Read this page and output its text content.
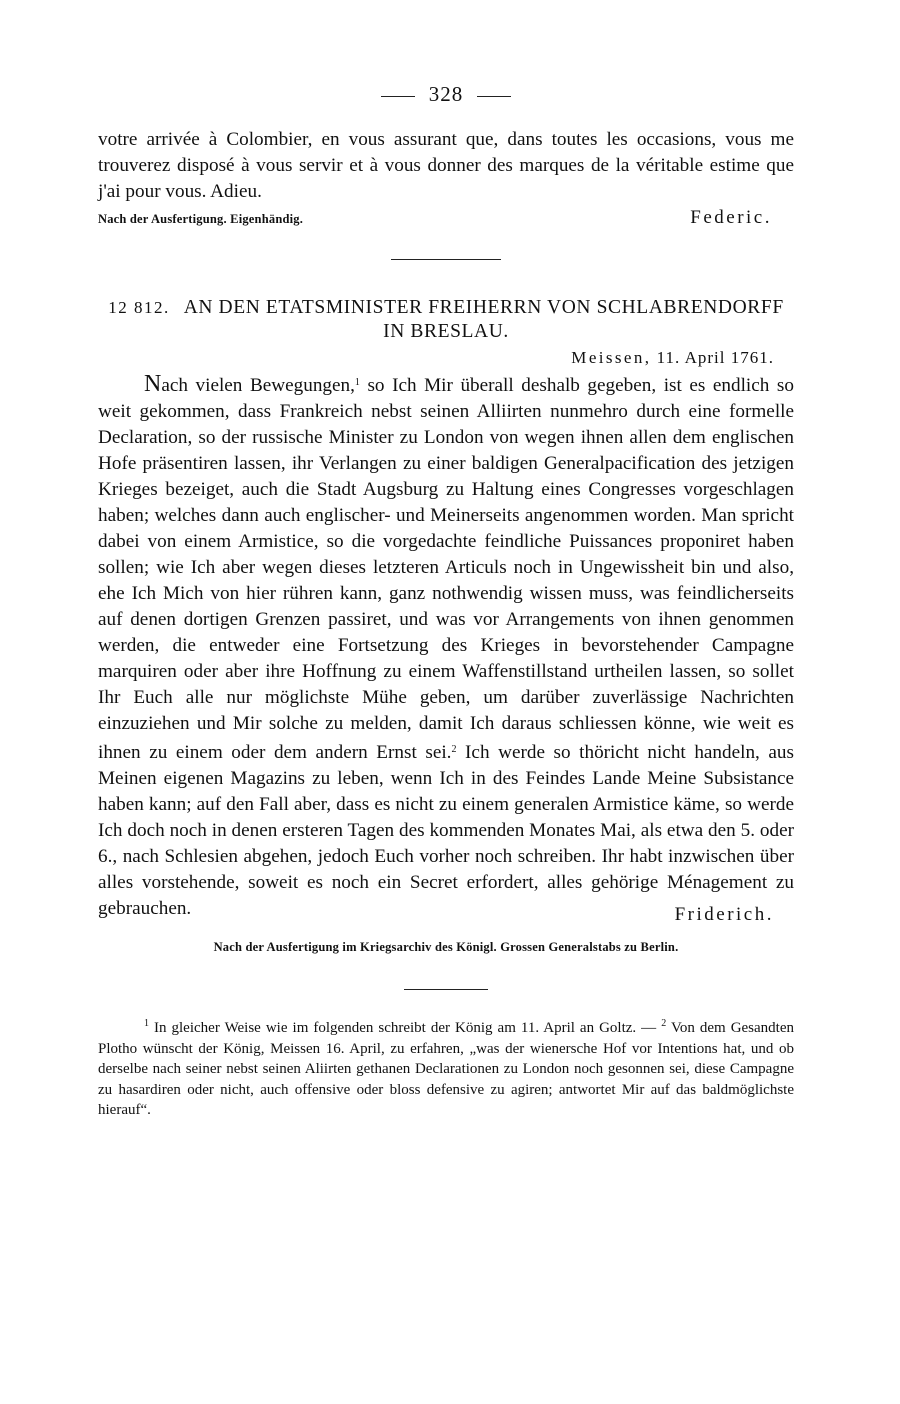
328

votre arrivée à Colombier, en vous assurant que, dans toutes les occasions, vous me trouverez disposé à vous servir et à vous donner des marques de la véritable estime que j'ai pour vous. Adieu.

Nach der Ausfertigung. Eigenhändig.	Federic.
12 812. AN DEN ETATSMINISTER FREIHERRN VON SCHLABRENDORFF IN BRESLAU.
Meissen, 11. April 1761.

Nach vielen Bewegungen,$^1$ so Ich Mir überall deshalb gegeben, ist es endlich so weit gekommen, dass Frankreich nebst seinen Alliirten nunmehro durch eine formelle Declaration, so der russische Minister zu London von wegen ihnen allen dem englischen Hofe präsentiren lassen, ihr Verlangen zu einer baldigen Generalpacification des jetzigen Krieges bezeiget, auch die Stadt Augsburg zu Haltung eines Congresses vorgeschlagen haben; welches dann auch englischer- und Meinerseits angenommen worden. Man spricht dabei von einem Armistice, so die vorgedachte feindliche Puissances proponiret haben sollen; wie Ich aber wegen dieses letzteren Articuls noch in Ungewissheit bin und also, ehe Ich Mich von hier rühren kann, ganz nothwendig wissen muss, was feindlicherseits auf denen dortigen Grenzen passiret, und was vor Arrangements von ihnen genommen werden, die entweder eine Fortsetzung des Krieges in bevorstehender Campagne marquiren oder aber ihre Hoffnung zu einem Waffenstillstand urtheilen lassen, so sollet Ihr Euch alle nur möglichste Mühe geben, um darüber zuverlässige Nachrichten einzuziehen und Mir solche zu melden, damit Ich daraus schliessen könne, wie weit es ihnen zu einem oder dem andern Ernst sei.$^2$ Ich werde so thöricht nicht handeln, aus Meinen eigenen Magazins zu leben, wenn Ich in des Feindes Lande Meine Subsistance haben kann; auf den Fall aber, dass es nicht zu einem generalen Armistice käme, so werde Ich doch noch in denen ersteren Tagen des kommenden Monates Mai, als etwa den 5. oder 6., nach Schlesien abgehen, jedoch Euch vorher noch schreiben. Ihr habt inzwischen über alles vorstehende, soweit es noch ein Secret erfordert, alles gehörige Ménagement zu gebrauchen.	Friderich.
Nach der Ausfertigung im Kriegsarchiv des Königl. Grossen Generalstabs zu Berlin.

$^1$ In gleicher Weise wie im folgenden schreibt der König am 11. April an Goltz. — $^2$ Von dem Gesandten Plotho wünscht der König, Meissen 16. April, zu erfahren, „was der wienersche Hof vor Intentions hat, und ob derselbe nach seiner nebst seinen Aliirten gethanen Declarationen zu London noch gesonnen sei, diese Campagne zu hasardiren oder nicht, auch offensive oder bloss defensive zu agiren; antwortet Mir auf das baldmöglichste hierauf“.
